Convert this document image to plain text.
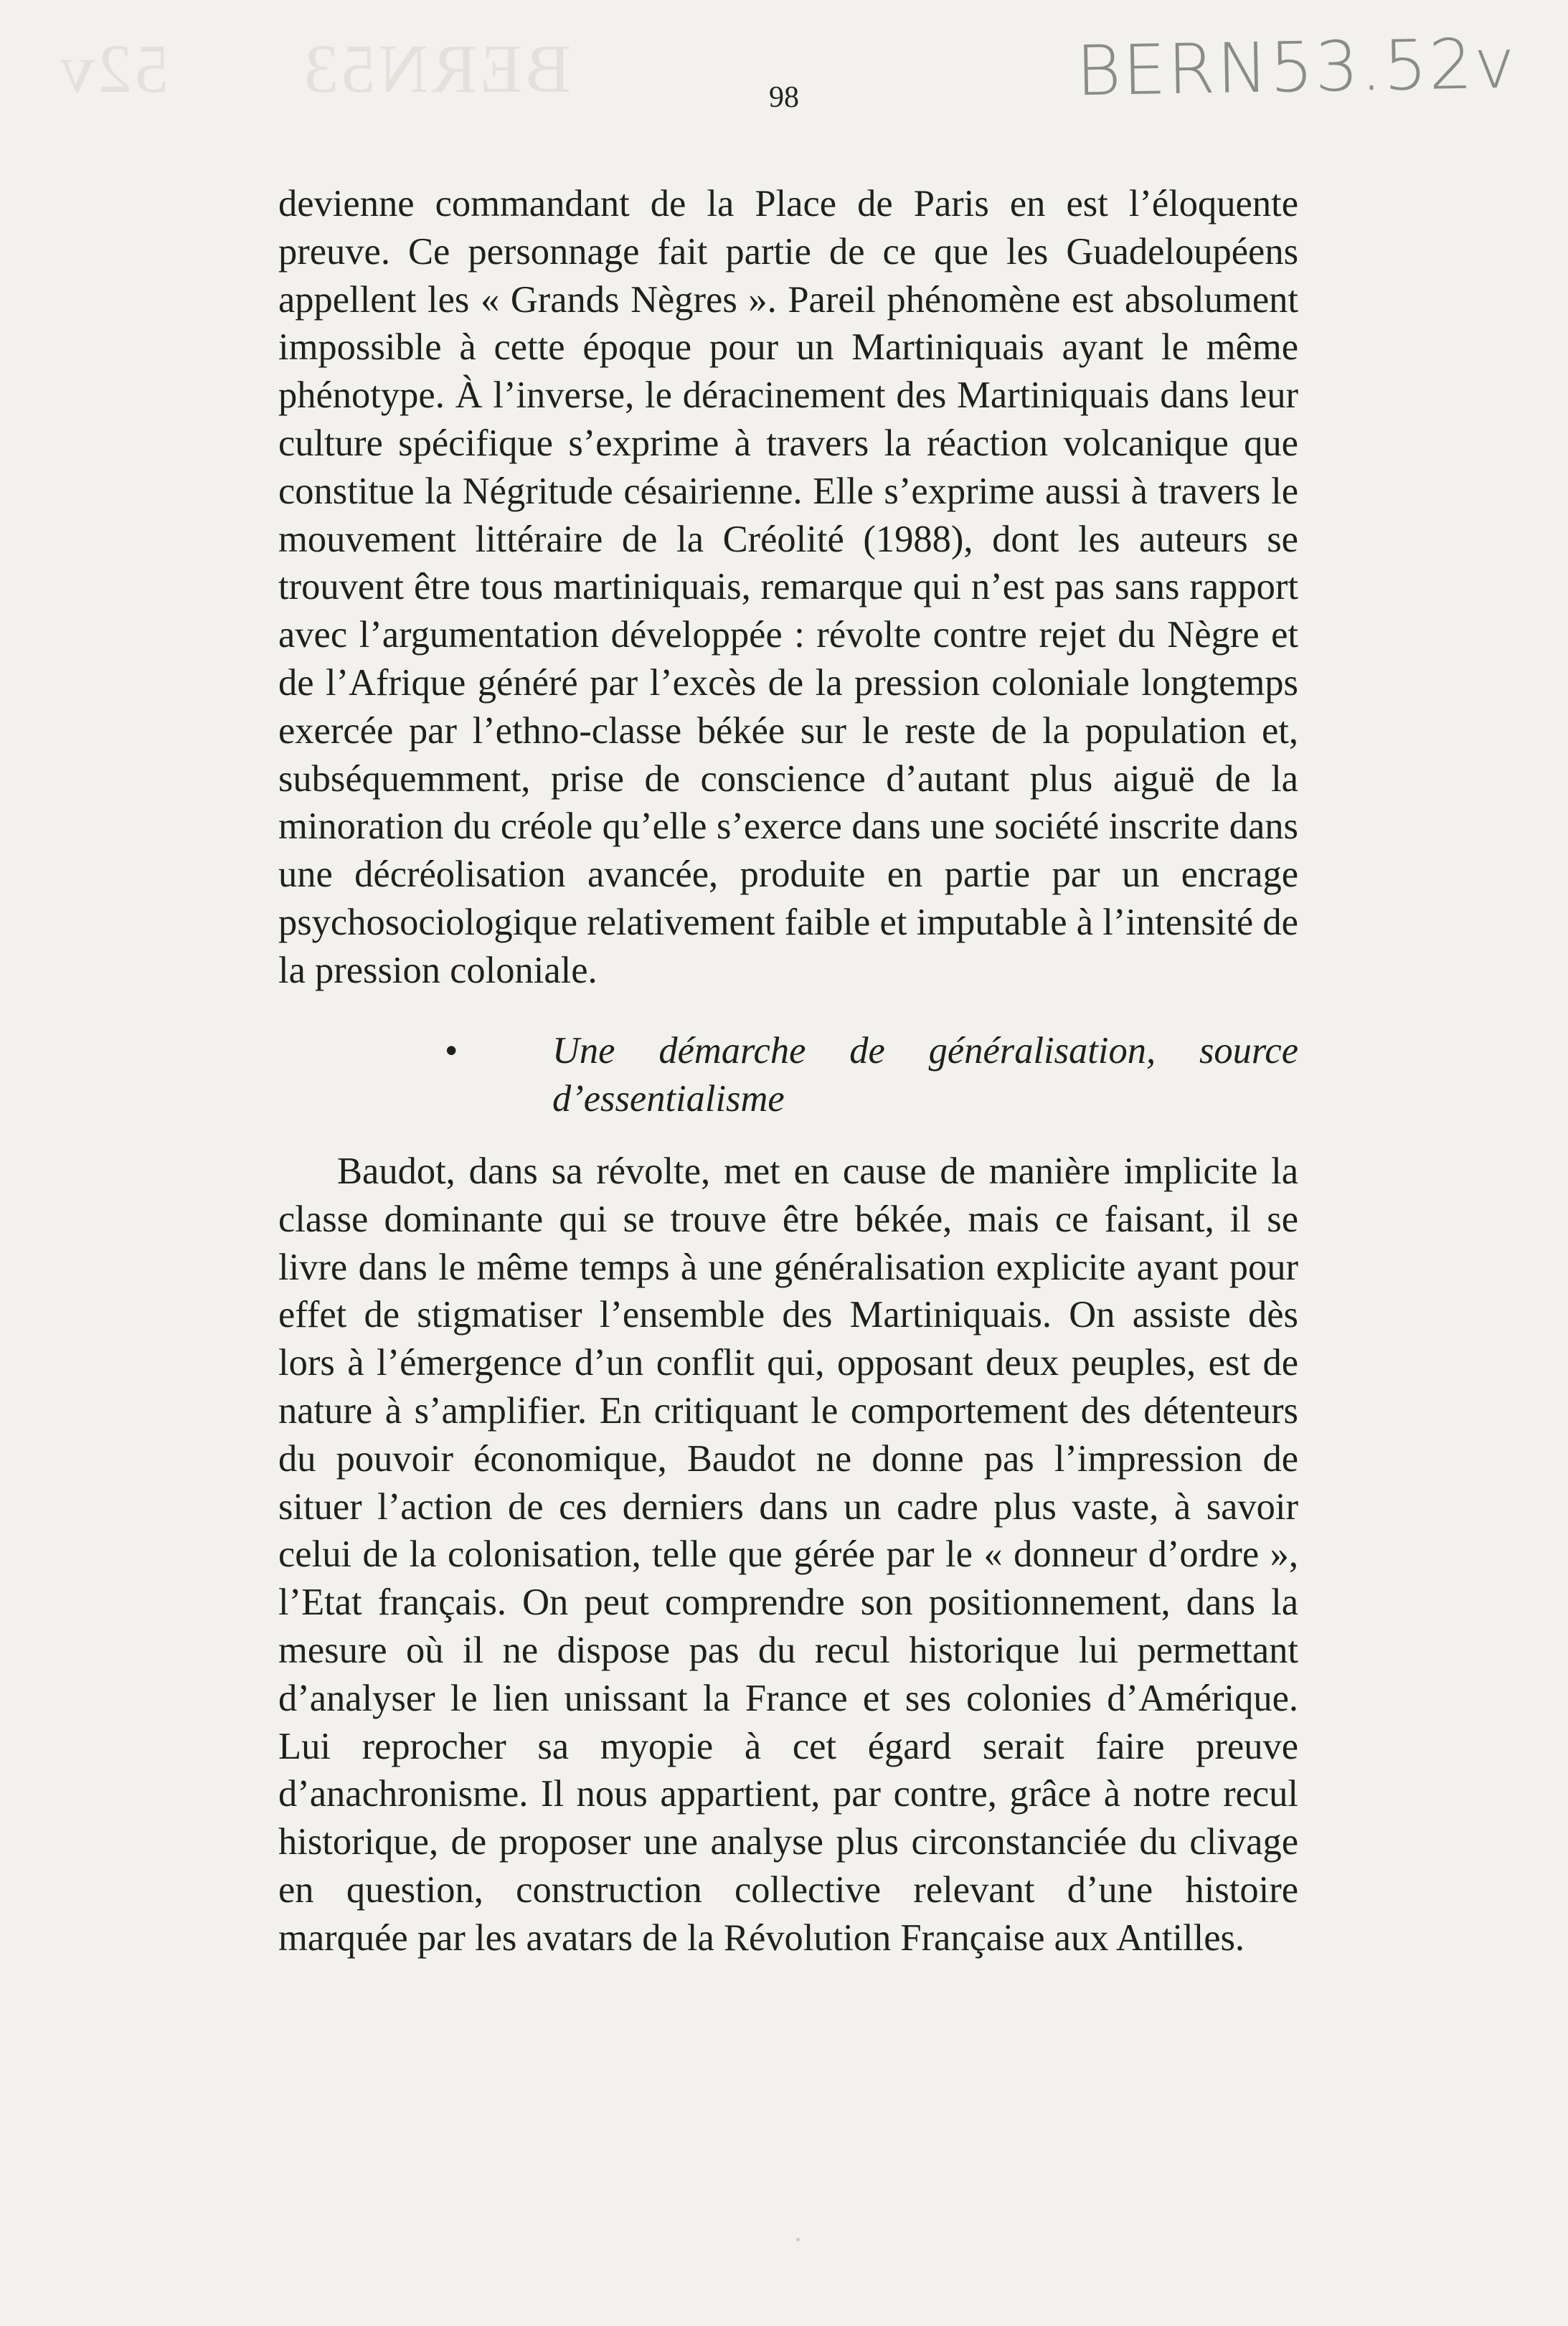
52v BERN53	BERN53.52v
98

devienne commandant de la Place de Paris en est l’éloquente preuve. Ce personnage fait partie de ce que les Guadeloupéens appellent les « Grands Nègres ». Pareil phénomène est absolument impossible à cette époque pour un Martiniquais ayant le même phénotype. À l’inverse, le déracinement des Martiniquais dans leur culture spécifique s’exprime à travers la réaction volcanique que constitue la Négritude césairienne. Elle s’exprime aussi à travers le mouvement littéraire de la Créolité (1988), dont les auteurs se trouvent être tous martiniquais, remarque qui n’est pas sans rapport avec l’argumentation développée : révolte contre rejet du Nègre et de l’Afrique généré par l’excès de la pression coloniale longtemps exercée par l’ethno-classe békée sur le reste de la population et, subséquemment, prise de conscience d’autant plus aiguë de la minoration du créole qu’elle s’exerce dans une société inscrite dans une décréolisation avancée, produite en partie par un encrage psychosociologique relativement faible et imputable à l’intensité de la pression coloniale.

•	Une démarche de généralisation, source d’essentialisme

Baudot, dans sa révolte, met en cause de manière implicite la classe dominante qui se trouve être békée, mais ce faisant, il se livre dans le même temps à une généralisation explicite ayant pour effet de stigmatiser l’ensemble des Martiniquais. On assiste dès lors à l’émergence d’un conflit qui, opposant deux peuples, est de nature à s’amplifier. En critiquant le comportement des détenteurs du pouvoir économique, Baudot ne donne pas l’impression de situer l’action de ces derniers dans un cadre plus vaste, à savoir celui de la colonisation, telle que gérée par le « donneur d’ordre », l’Etat français. On peut comprendre son positionnement, dans la mesure où il ne dispose pas du recul historique lui permettant d’analyser le lien unissant la France et ses colonies d’Amérique. Lui reprocher sa myopie à cet égard serait faire preuve d’anachronisme. Il nous appartient, par contre, grâce à notre recul historique, de proposer une analyse plus circonstanciée du clivage en question, construction collective relevant d’une histoire marquée par les avatars de la Révolution Française aux Antilles.
